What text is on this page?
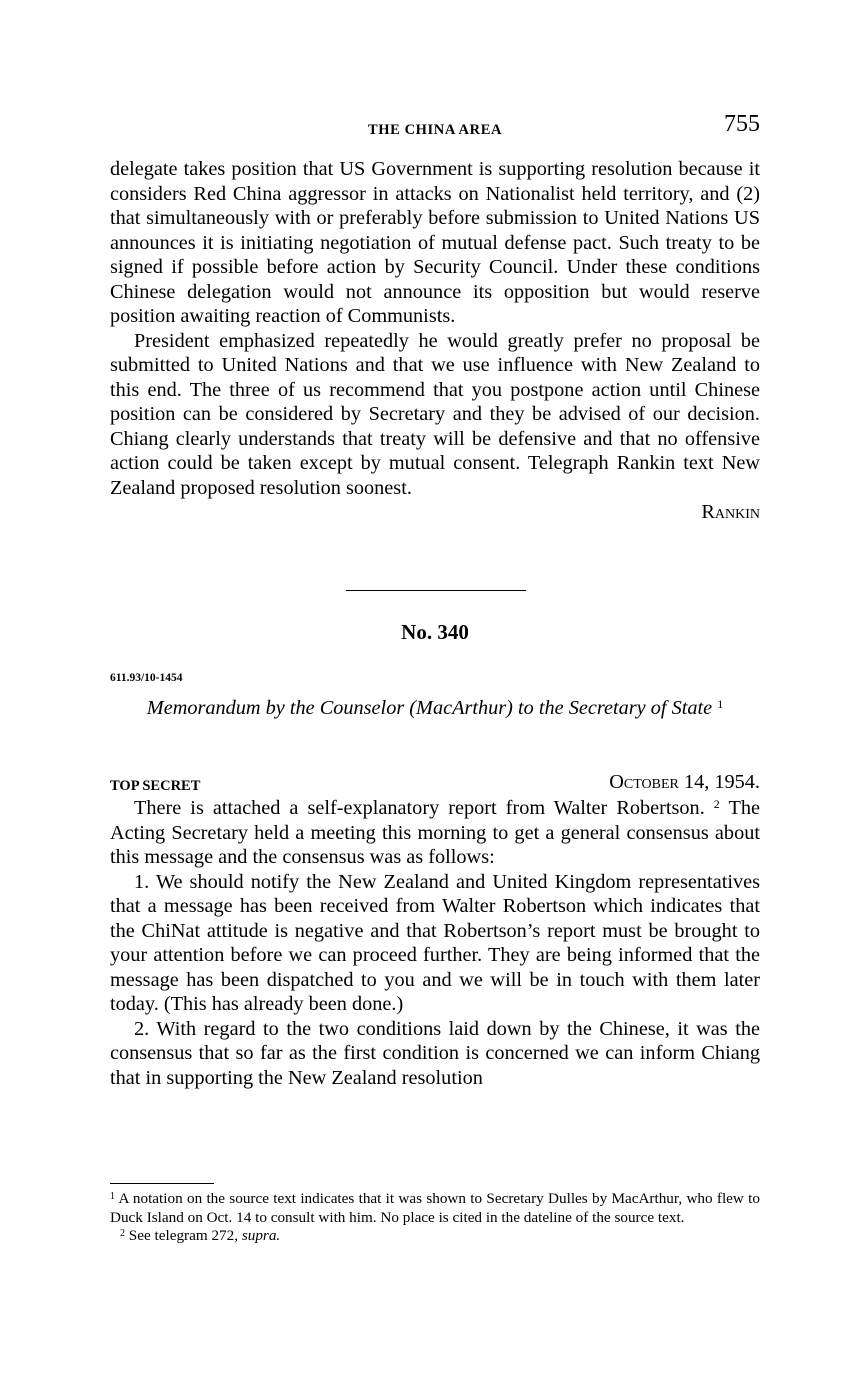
THE CHINA AREA	755

delegate takes position that US Government is supporting resolution because it considers Red China aggressor in attacks on Nationalist held territory, and (2) that simultaneously with or preferably before submission to United Nations US announces it is initiating negotiation of mutual defense pact. Such treaty to be signed if possible before action by Security Council. Under these conditions Chinese delegation would not announce its opposition but would reserve position awaiting reaction of Communists.

President emphasized repeatedly he would greatly prefer no proposal be submitted to United Nations and that we use influence with New Zealand to this end. The three of us recommend that you postpone action until Chinese position can be considered by Secretary and they be advised of our decision. Chiang clearly understands that treaty will be defensive and that no offensive action could be taken except by mutual consent. Telegraph Rankin text New Zealand proposed resolution soonest.

Rankin

No. 340
611.93/10-1454
Memorandum by the Counselor (MacArthur) to the Secretary of State $^1$
TOP SECRET	October 14, 1954.

There is attached a self-explanatory report from Walter Robertson. $^2$ The Acting Secretary held a meeting this morning to get a general consensus about this message and the consensus was as follows:

1. We should notify the New Zealand and United Kingdom representatives that a message has been received from Walter Robertson which indicates that the ChiNat attitude is negative and that Robertson’s report must be brought to your attention before we can proceed further. They are being informed that the message has been dispatched to you and we will be in touch with them later today. (This has already been done.)

2. With regard to the two conditions laid down by the Chinese, it was the consensus that so far as the first condition is concerned we can inform Chiang that in supporting the New Zealand resolution

$^1$ A notation on the source text indicates that it was shown to Secretary Dulles by MacArthur, who flew to Duck Island on Oct. 14 to consult with him. No place is cited in the dateline of the source text.

$^2$ See telegram 272, supra.
